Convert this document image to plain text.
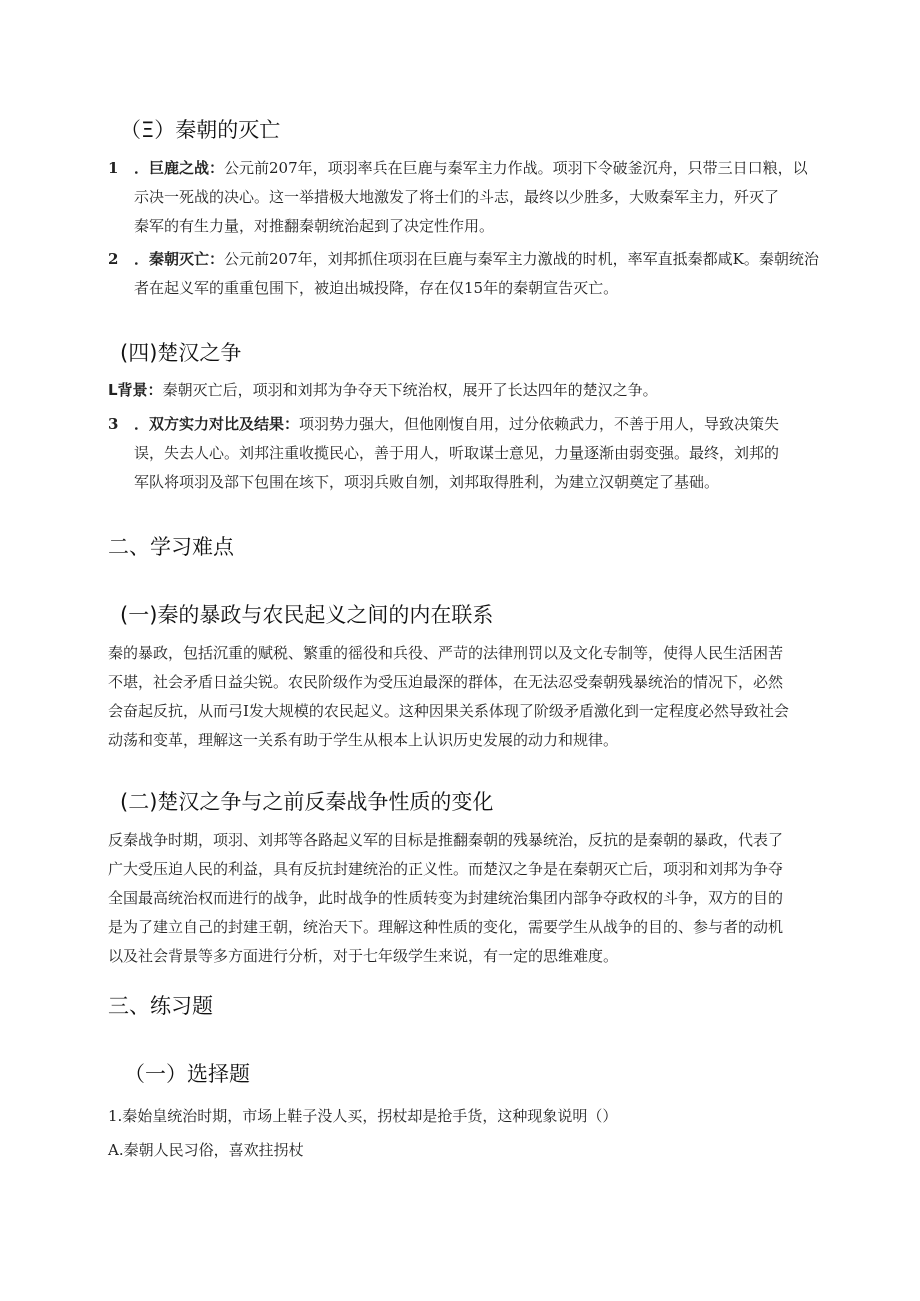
（Ξ）秦朝的灭亡
1 ．巨鹿之战：公元前207年，项羽率兵在巨鹿与秦军主力作战。项羽下令破釜沉舟，只带三日口粮，以
示决一死战的决心。这一举措极大地激发了将士们的斗志，最终以少胜多，大败秦军主力，歼灭了
秦军的有生力量，对推翻秦朝统治起到了决定性作用。
2 ．秦朝灭亡：公元前207年，刘邦抓住项羽在巨鹿与秦军主力激战的时机，率军直抵秦都咸K。秦朝统治
者在起义军的重重包围下，被迫出城投降，存在仅15年的秦朝宣告灭亡。
(四)楚汉之争
L背景：秦朝灭亡后，项羽和刘邦为争夺天下统治权，展开了长达四年的楚汉之争。
3 ．双方实力对比及结果：项羽势力强大，但他刚愎自用，过分依赖武力，不善于用人，导致决策失
误，失去人心。刘邦注重收揽民心，善于用人，听取谋士意见，力量逐渐由弱变强。最终，刘邦的
军队将项羽及部下包围在垓下，项羽兵败自刎，刘邦取得胜利，为建立汉朝奠定了基础。
二、学习难点
(一)秦的暴政与农民起义之间的内在联系
秦的暴政，包括沉重的赋税、繁重的徭役和兵役、严苛的法律刑罚以及文化专制等，使得人民生活困苦
不堪，社会矛盾日益尖锐。农民阶级作为受压迫最深的群体，在无法忍受秦朝残暴统治的情况下，必然
会奋起反抗，从而弓I发大规模的农民起义。这种因果关系体现了阶级矛盾激化到一定程度必然导致社会
动荡和变革，理解这一关系有助于学生从根本上认识历史发展的动力和规律。
(二)楚汉之争与之前反秦战争性质的变化
反秦战争时期，项羽、刘邦等各路起义军的目标是推翻秦朝的残暴统治，反抗的是秦朝的暴政，代表了
广大受压迫人民的利益，具有反抗封建统治的正义性。而楚汉之争是在秦朝灭亡后，项羽和刘邦为争夺
全国最高统治权而进行的战争，此时战争的性质转变为封建统治集团内部争夺政权的斗争，双方的目的
是为了建立自己的封建王朝，统治天下。理解这种性质的变化，需要学生从战争的目的、参与者的动机
以及社会背景等多方面进行分析，对于七年级学生来说，有一定的思维难度。
三、练习题
（一）选择题
1.秦始皇统治时期，市场上鞋子没人买，拐杖却是抢手货，这种现象说明（）
A.秦朝人民习俗，喜欢拄拐杖
